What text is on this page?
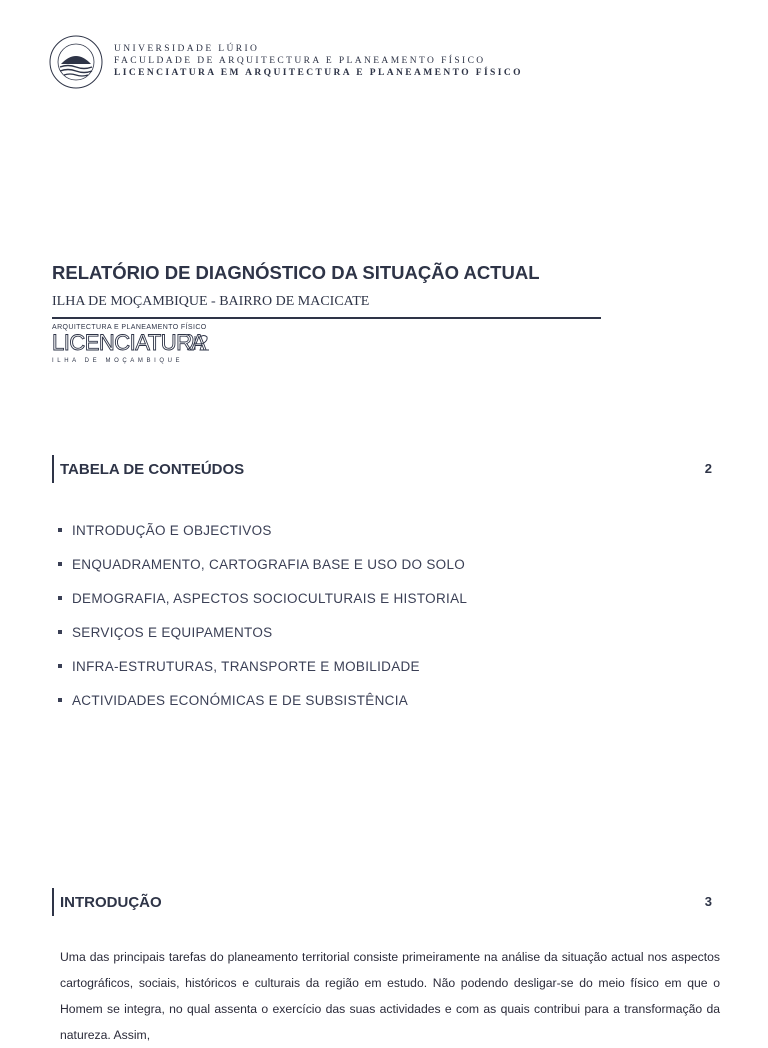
UNIVERSIDADE LÚRIO
FACULDADE DE ARQUITECTURA E PLANEAMENTO FÍSICO
LICENCIATURA EM ARQUITECTURA E PLANEAMENTO FÍSICO
RELATÓRIO DE DIAGNÓSTICO DA SITUAÇÃO ACTUAL
ILHA DE MOÇAMBIQUE - BAIRRO DE MACICATE
ARQUITECTURA E PLANEAMENTO FÍSICO
LICENCIATURA
ILHA DE MOÇAMBIQUE
TABELA DE CONTEÚDOS	2
INTRODUÇÃO E OBJECTIVOS
ENQUADRAMENTO, CARTOGRAFIA BASE E USO DO SOLO
DEMOGRAFIA, ASPECTOS SOCIOCULTURAIS E HISTORIAL
SERVIÇOS E EQUIPAMENTOS
INFRA-ESTRUTURAS, TRANSPORTE E MOBILIDADE
ACTIVIDADES ECONÓMICAS E DE SUBSISTÊNCIA
INTRODUÇÃO	3
Uma das principais tarefas do planeamento territorial consiste primeiramente na análise da situação actual nos aspectos cartográficos, sociais, históricos e culturais da região em estudo. Não podendo desligar-se do meio físico em que o Homem se integra, no qual assenta o exercício das suas actividades e com as quais contribui para a transformação da natureza. Assim,
